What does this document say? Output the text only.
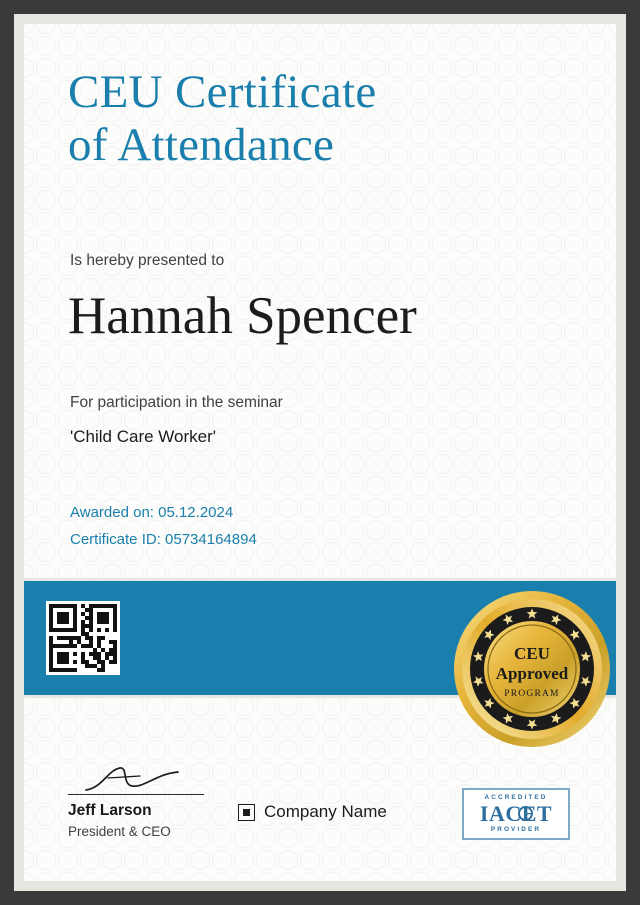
CEU Certificate
of Attendance
Is hereby presented to
Hannah Spencer
For participation in the seminar
'Child Care Worker'
Awarded on: 05.12.2024
Certificate ID: 05734164894
CEU
Approved
PROGRAM
Jeff Larson
President & CEO
Company Name
ACCREDITED
IACET
PROVIDER
